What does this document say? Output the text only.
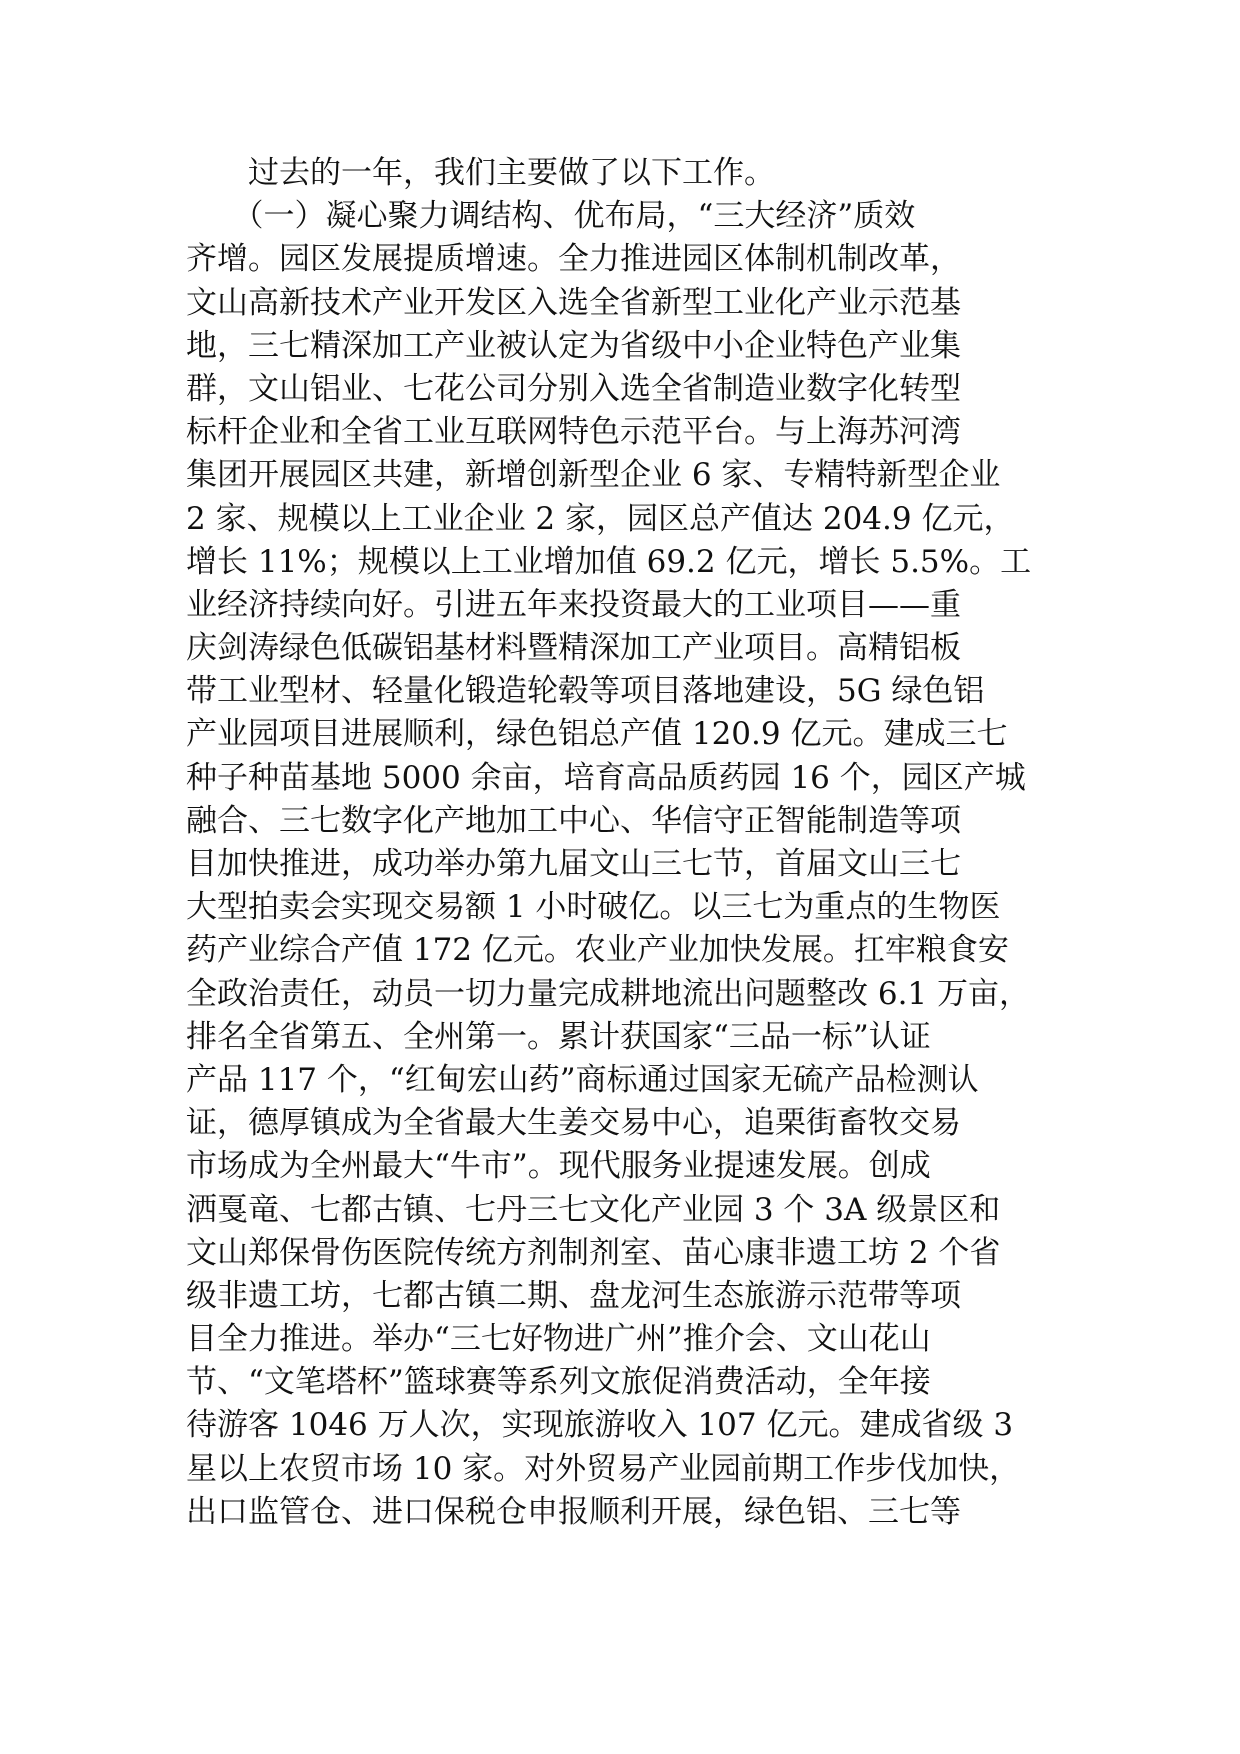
　　过去的一年，我们主要做了以下工作。

　　（一）凝心聚力调结构、优布局，“三大经济”质效

齐增。园区发展提质增速。全力推进园区体制机制改革，

文山高新技术产业开发区入选全省新型工业化产业示范基

地，三七精深加工产业被认定为省级中小企业特色产业集

群，文山铝业、七花公司分别入选全省制造业数字化转型

标杆企业和全省工业互联网特色示范平台。与上海苏河湾

集团开展园区共建，新增创新型企业 6 家、专精特新型企业

2 家、规模以上工业企业 2 家，园区总产值达 204.9 亿元，

增长 11%；规模以上工业增加值 69.2 亿元，增长 5.5%。工

业经济持续向好。引进五年来投资最大的工业项目——重

庆剑涛绿色低碳铝基材料暨精深加工产业项目。高精铝板

带工业型材、轻量化锻造轮毂等项目落地建设，5G 绿色铝

产业园项目进展顺利，绿色铝总产值 120.9 亿元。建成三七

种子种苗基地 5000 余亩，培育高品质药园 16 个，园区产城

融合、三七数字化产地加工中心、华信守正智能制造等项

目加快推进，成功举办第九届文山三七节，首届文山三七

大型拍卖会实现交易额 1 小时破亿。以三七为重点的生物医

药产业综合产值 172 亿元。农业产业加快发展。扛牢粮食安

全政治责任，动员一切力量完成耕地流出问题整改 6.1 万亩，

排名全省第五、全州第一。累计获国家“三品一标”认证

产品 117 个，“红甸宏山药”商标通过国家无硫产品检测认

证，德厚镇成为全省最大生姜交易中心，追栗街畜牧交易

市场成为全州最大“牛市”。现代服务业提速发展。创成

洒戛竜、七都古镇、七丹三七文化产业园 3 个 3A 级景区和

文山郑保骨伤医院传统方剂制剂室、苗心康非遗工坊 2 个省

级非遗工坊，七都古镇二期、盘龙河生态旅游示范带等项

目全力推进。举办“三七好物进广州”推介会、文山花山

节、“文笔塔杯”篮球赛等系列文旅促消费活动，全年接

待游客 1046 万人次，实现旅游收入 107 亿元。建成省级 3

星以上农贸市场 10 家。对外贸易产业园前期工作步伐加快，

出口监管仓、进口保税仓申报顺利开展，绿色铝、三七等
